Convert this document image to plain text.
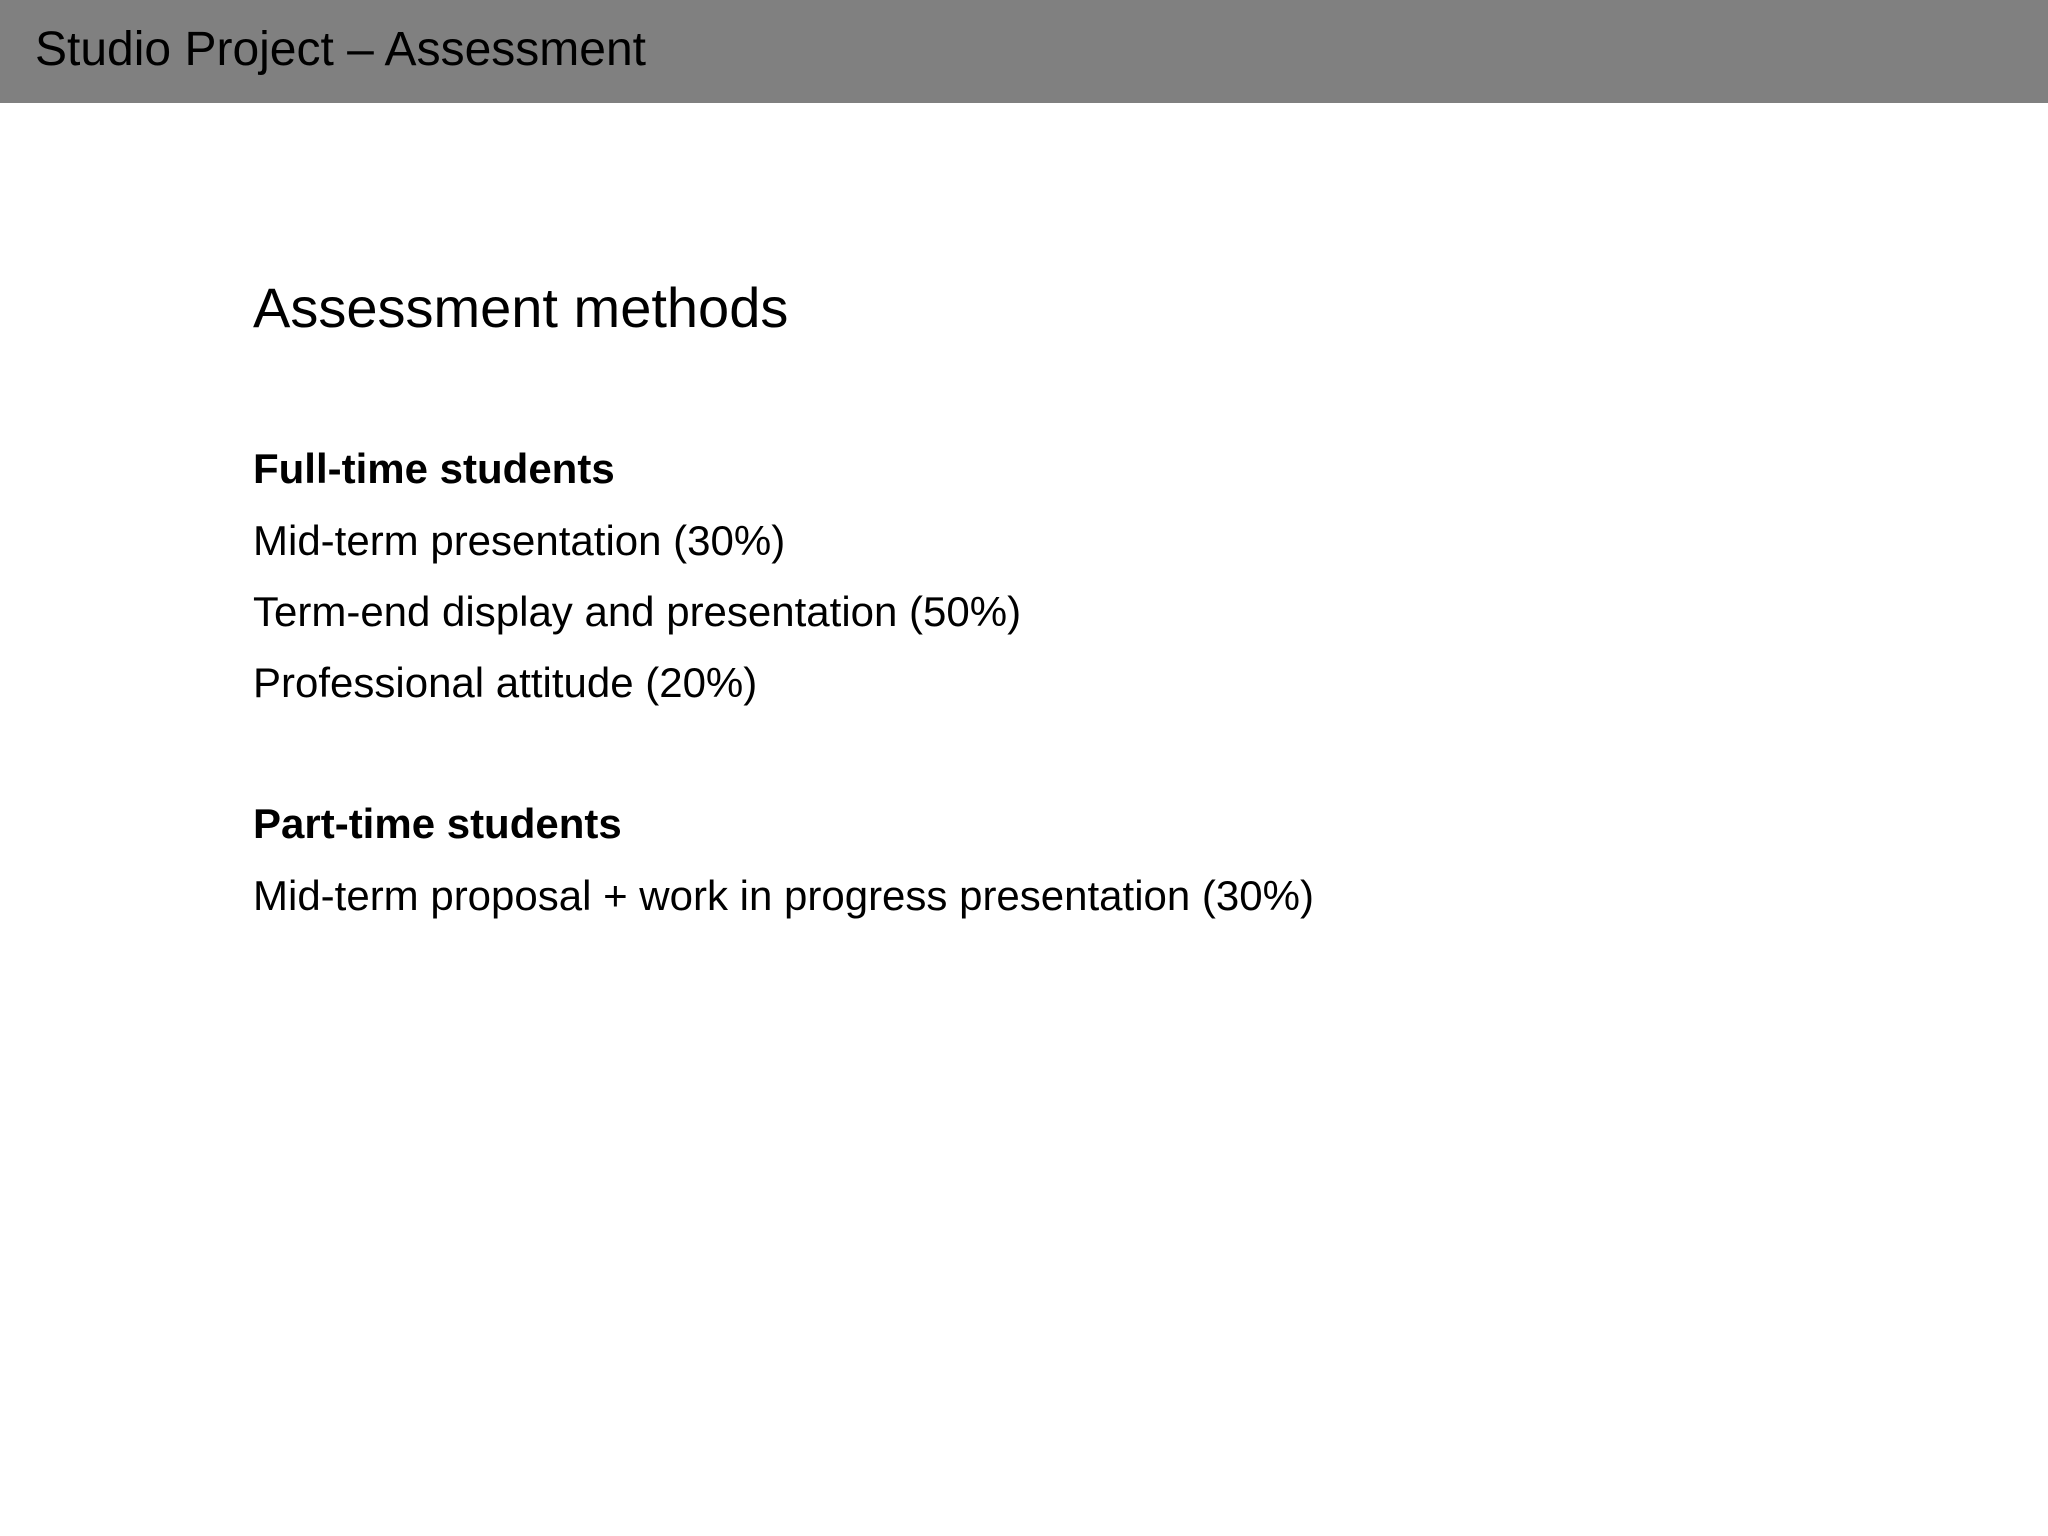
Studio Project – Assessment
Assessment methods
Full-time students
Mid-term presentation (30%)
Term-end display and presentation (50%)
Professional attitude (20%)
Part-time students
Mid-term proposal + work in progress presentation (30%)
